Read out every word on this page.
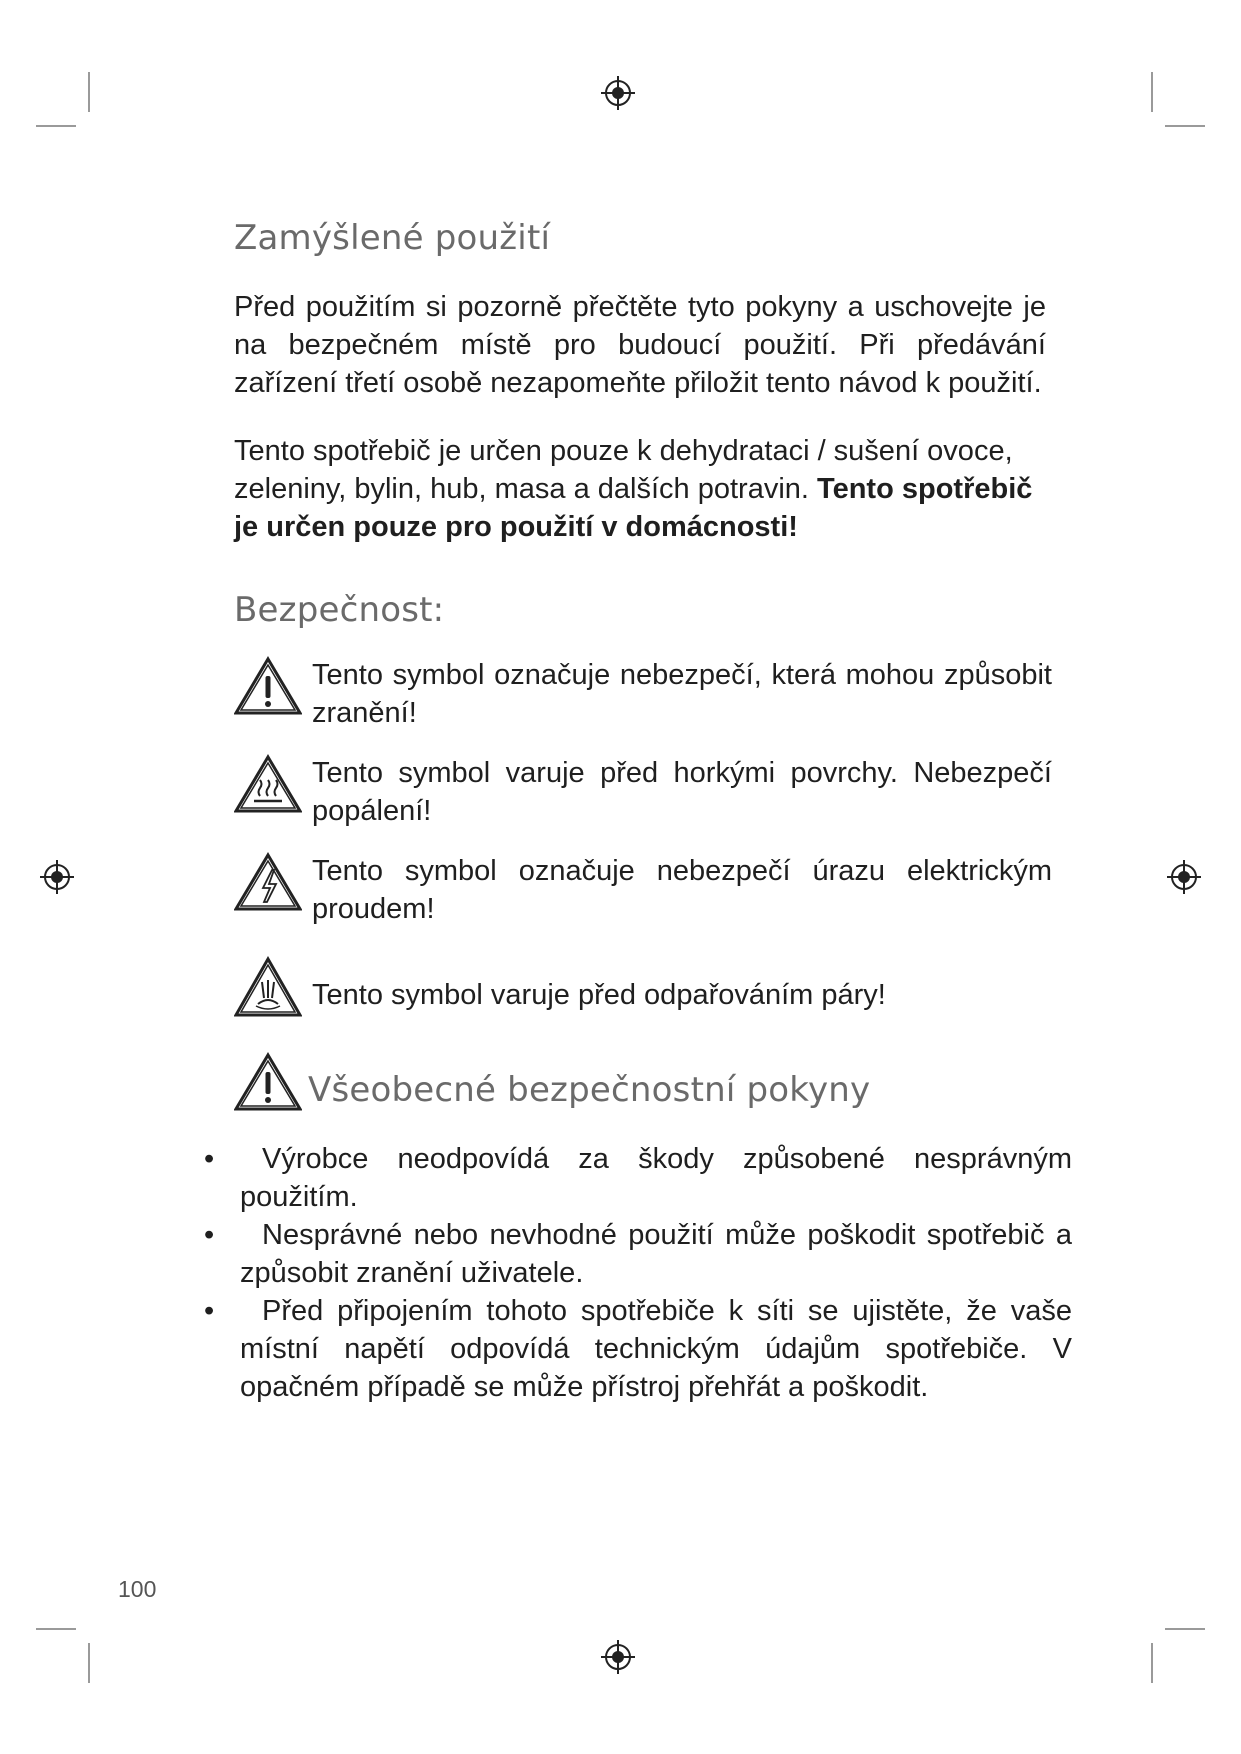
Zamýšlené použití

Před použitím si pozorně přečtěte tyto pokyny a uschovejte je na bezpečném místě pro budoucí použití. Při předávání zařízení třetí osobě nezapomeňte přiložit tento návod k použití.

Tento spotřebič je určen pouze k dehydrataci / sušení ovoce, zeleniny, bylin, hub, masa a dalších potravin. Tento spotřebič je určen pouze pro použití v domácnosti!

Bezpečnost:
Tento symbol označuje nebezpečí, která mohou způsobit zranění!
Tento symbol varuje před horkými povrchy. Nebezpečí popálení!
Tento symbol označuje nebezpečí úrazu elektrickým proudem!
Tento symbol varuje před odpařováním páry!
Všeobecné bezpečnostní pokyny
• Výrobce neodpovídá za škody způsobené nesprávným použitím.
• Nesprávné nebo nevhodné použití může poškodit spotřebič a způsobit zranění uživatele.
• Před připojením tohoto spotřebiče k síti se ujistěte, že vaše místní napětí odpovídá technickým údajům spotřebiče. V opačném případě se může přístroj přehřát a poškodit.
100
